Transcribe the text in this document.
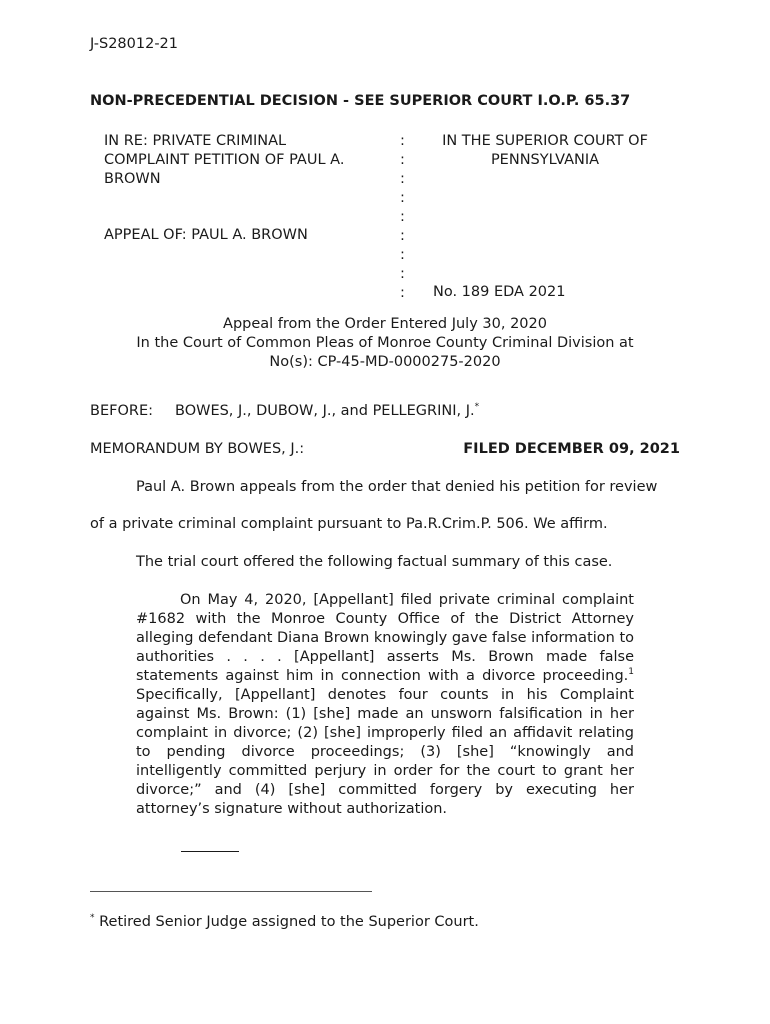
J-S28012-21
NON-PRECEDENTIAL DECISION - SEE SUPERIOR COURT I.O.P. 65.37
IN RE: PRIVATE CRIMINAL
COMPLAINT PETITION OF PAUL A.
BROWN
APPEAL OF: PAUL A. BROWN
:
:
:
:
:
:
:
:
:
IN THE SUPERIOR COURT OF
PENNSYLVANIA
No. 189 EDA 2021
Appeal from the Order Entered July 30, 2020
In the Court of Common Pleas of Monroe County Criminal Division at
No(s): CP-45-MD-0000275-2020
BEFORE: BOWES, J., DUBOW, J., and PELLEGRINI, J.*
MEMORANDUM BY BOWES, J.:	FILED DECEMBER 09, 2021
Paul A. Brown appeals from the order that denied his petition for review
of a private criminal complaint pursuant to Pa.R.Crim.P. 506. We affirm.
The trial court offered the following factual summary of this case.
On May 4, 2020, [Appellant] filed private criminal complaint #1682 with the Monroe County Office of the District Attorney alleging defendant Diana Brown knowingly gave false information to authorities . . . . [Appellant] asserts Ms. Brown made false statements against him in connection with a divorce proceeding.$^1$ Specifically, [Appellant] denotes four counts in his Complaint against Ms. Brown: (1) [she] made an unsworn falsification in her complaint in divorce; (2) [she] improperly filed an affidavit relating to pending divorce proceedings; (3) [she] “knowingly and intelligently committed perjury in order for the court to grant her divorce;” and (4) [she] committed forgery by executing her attorney’s signature without authorization.
* Retired Senior Judge assigned to the Superior Court.
